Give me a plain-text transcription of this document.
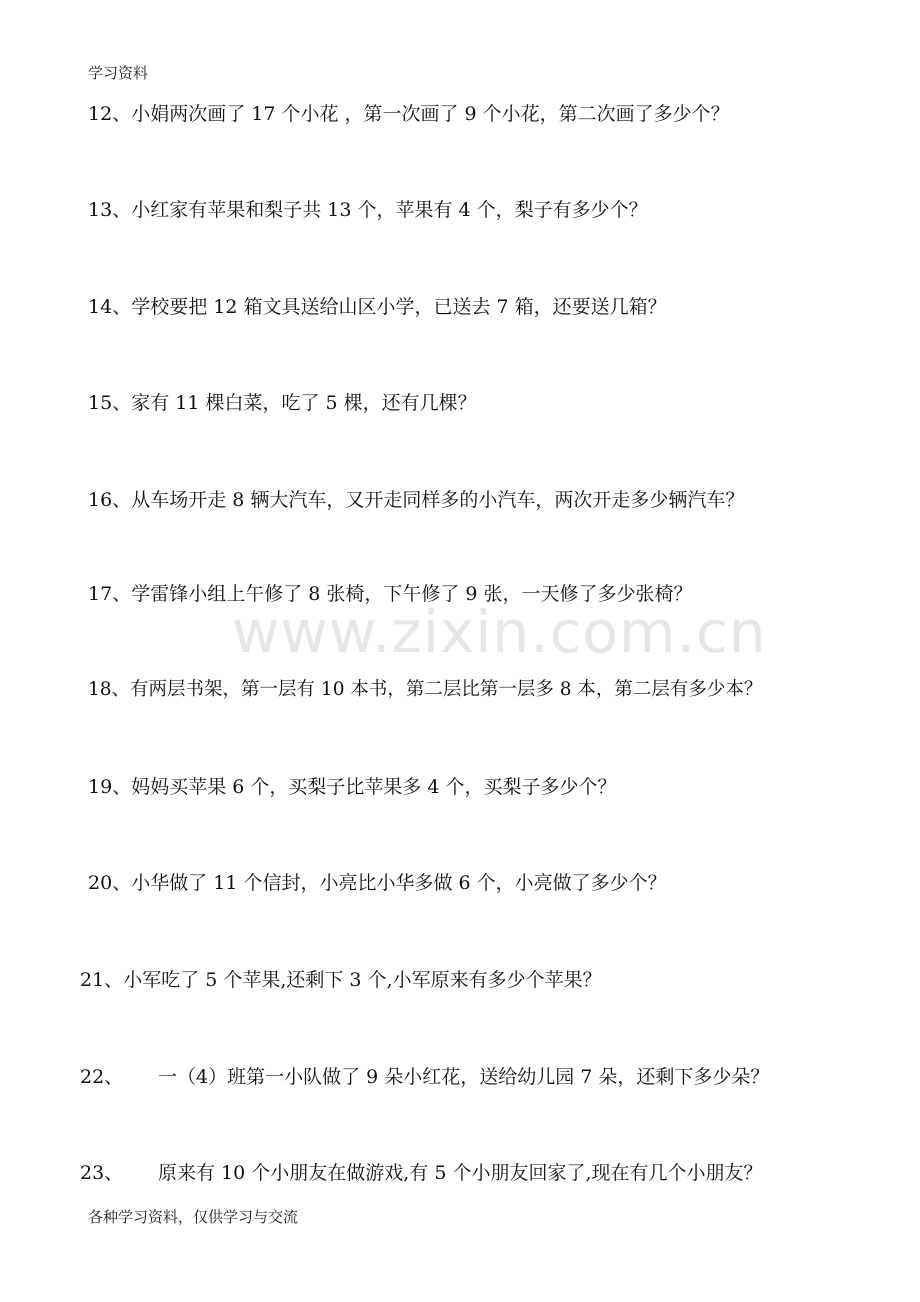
学习资料
www.zixin.com.cn
12、小娟两次画了 17 个小花 ，第一次画了 9 个小花，第二次画了多少个？
13、小红家有苹果和梨子共 13 个，苹果有 4 个，梨子有多少个？
14、学校要把 12 箱文具送给山区小学，已送去 7 箱，还要送几箱？
15、家有 11 棵白菜，吃了 5 棵，还有几棵？
16、从车场开走 8 辆大汽车，又开走同样多的小汽车，两次开走多少辆汽车？
17、学雷锋小组上午修了 8 张椅，下午修了 9 张，一天修了多少张椅？
18、有两层书架，第一层有 10 本书，第二层比第一层多 8 本，第二层有多少本？
19、妈妈买苹果 6 个，买梨子比苹果多 4 个，买梨子多少个？
20、小华做了 11 个信封，小亮比小华多做 6 个，小亮做了多少个？
21、小军吃了 5 个苹果,还剩下 3 个,小军原来有多少个苹果？
22、 一（4）班第一小队做了 9 朵小红花，送给幼儿园 7 朵，还剩下多少朵？
23、 原来有 10 个小朋友在做游戏,有 5 个小朋友回家了,现在有几个小朋友？
各种学习资料，仅供学习与交流
